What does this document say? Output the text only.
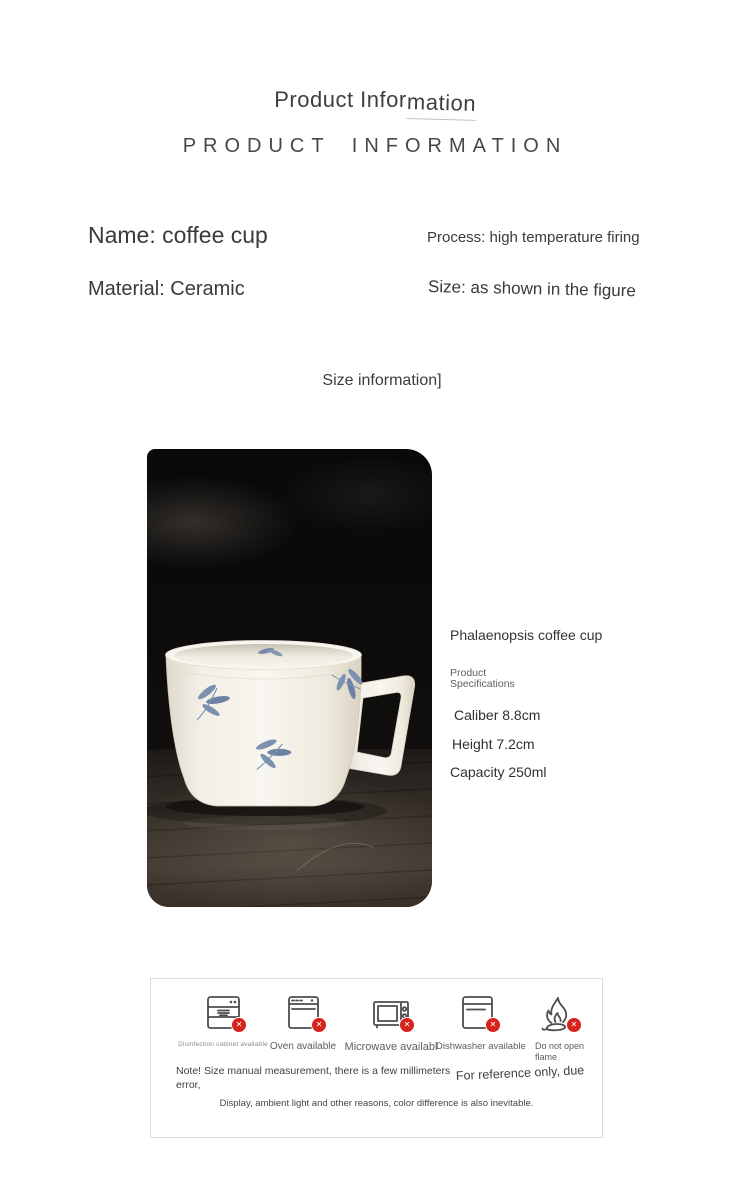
Product Information
PRODUCT INFORMATION
Name: coffee cup
Material: Ceramic
Process: high temperature firing
Size: as shown in the figure
Size information]
Phalaenopsis coffee cup
Product
Specifications
Caliber 8.8cm
Height 7.2cm
Capacity 250ml
✕
Disinfection cabinet available
✕ Oven available
✕ Microwave availabl
✕
Dishwasher available
✕ Do not open flame
Note! Size manual measurement, there is a few millimeters error,
For reference only, due
Display, ambient light and other reasons, color difference is also inevitable.
